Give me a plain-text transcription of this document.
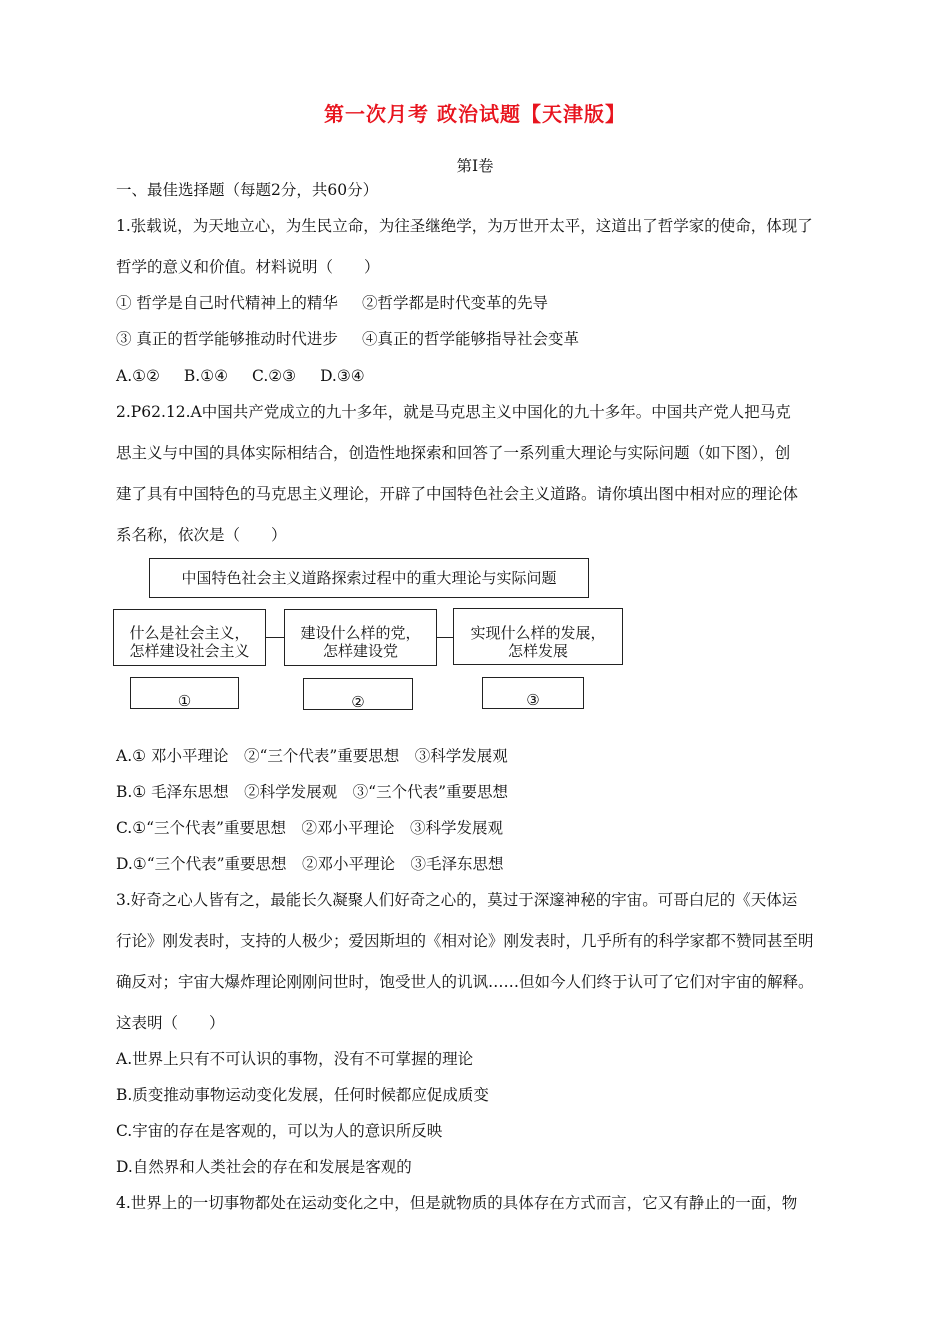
第一次月考 政治试题【天津版】
第Ⅰ卷
一、最佳选择题（每题2分，共60分）
1.张载说，为天地立心，为生民立命，为往圣继绝学，为万世开太平，这道出了哲学家的使命，体现了
哲学的意义和价值。材料说明（　　）
① 哲学是自己时代精神上的精华 ②哲学都是时代变革的先导
③ 真正的哲学能够推动时代进步 ④真正的哲学能够指导社会变革
A.①② B.①④ C.②③ D.③④
2.P62.12.A中国共产党成立的九十多年，就是马克思主义中国化的九十多年。中国共产党人把马克
思主义与中国的具体实际相结合，创造性地探索和回答了一系列重大理论与实际问题（如下图），创
建了具有中国特色的马克思主义理论，开辟了中国特色社会主义道路。请你填出图中相对应的理论体
系名称，依次是（　　）
中国特色社会主义道路探索过程中的重大理论与实际问题
什么是社会主义，
怎样建设社会主义
建设什么样的党，
怎样建设党
实现什么样的发展，
怎样发展
①	②	③
A.① 邓小平理论　②“三个代表”重要思想　③科学发展观
B.① 毛泽东思想　②科学发展观　③“三个代表”重要思想
C.①“三个代表”重要思想　②邓小平理论　③科学发展观
D.①“三个代表”重要思想　②邓小平理论　③毛泽东思想
3.好奇之心人皆有之，最能长久凝聚人们好奇之心的，莫过于深邃神秘的宇宙。可哥白尼的《天体运
行论》刚发表时，支持的人极少；爱因斯坦的《相对论》刚发表时，几乎所有的科学家都不赞同甚至明
确反对；宇宙大爆炸理论刚刚问世时，饱受世人的讥讽……但如今人们终于认可了它们对宇宙的解释。
这表明（　　）
A.世界上只有不可认识的事物，没有不可掌握的理论
B.质变推动事物运动变化发展，任何时候都应促成质变
C.宇宙的存在是客观的，可以为人的意识所反映
D.自然界和人类社会的存在和发展是客观的
4.世界上的一切事物都处在运动变化之中，但是就物质的具体存在方式而言，它又有静止的一面，物
